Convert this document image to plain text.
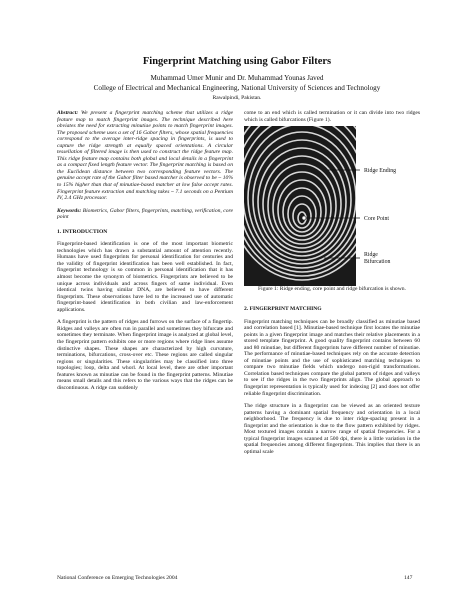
Fingerprint Matching using Gabor Filters
Muhammad Umer Munir and Dr. Muhammad Younas Javed
College of Electrical and Mechanical Engineering, National University of Sciences and Technology
Rawalpindi, Pakistan.

Abstract: We present a fingerprint matching scheme that utilizes a ridge feature map to match fingerprint images. The technique described here obviates the need for extracting minutiae points to match fingerprint images. The proposed scheme uses a set of 16 Gabor filters, whose spatial frequencies correspond to the average inter-ridge spacing in fingerprints, is used to capture the ridge strength at equally spaced orientations. A circular tessellation of filtered image is then used to construct the ridge feature map. This ridge feature map contains both global and local details in a fingerprint as a compact fixed length feature vector. The fingerprint matching is based on the Euclidean distance between two corresponding feature vectors. The genuine accept rate of the Gabor filter based matcher is observed to be ~ 10% to 15% higher than that of minutiae-based matcher at low false accept rates. Fingerprint feature extraction and matching takes ~ 7.1 seconds on a Pentium IV, 2.4 GHz processor.

Keywords: Biometrics, Gabor filters, fingerprints, matching, verification, core point

1. INTRODUCTION

Fingerprint-based identification is one of the most important biometric technologies which has drawn a substantial amount of attention recently. Humans have used fingerprints for personal identification for centuries and the validity of fingerprint identification has been well established. In fact, fingerprint technology is so common in personal identification that it has almost become the synonym of biometrics. Fingerprints are believed to be unique across individuals and across fingers of same individual. Even identical twins having similar DNA, are believed to have different fingerprints. These observations have led to the increased use of automatic fingerprint-based identification in both civilian and law-enforcement applications.

A fingerprint is the pattern of ridges and furrows on the surface of a fingertip. Ridges and valleys are often run in parallel and sometimes they bifurcate and sometimes they terminate. When fingerprint image is analyzed at global level, the fingerprint pattern exhibits one or more regions where ridge lines assume distinctive shapes. These shapes are characterized by high curvature, terminations, bifurcations, cross-over etc. These regions are called singular regions or singularities. These singularities may be classified into three topologies; loop, delta and whorl. At local level, there are other important features known as minutiae can be found in the fingerprint patterns. Minutiae means small details and this refers to the various ways that the ridges can be discontinuous. A ridge can suddenly

come to an end which is called termination or it can divide into two ridges which is called bifurcations (Figure 1).

Ridge Ending
Core Point
Ridge
Bifurcation
Figure 1: Ridge ending, core point and ridge bifurcation is shown.

2. FINGERPRINT MATCHING

Fingerprint matching techniques can be broadly classified as minutiae based and correlation based [1]. Minutiae-based technique first locates the minutiae points in a given fingerprint image and matches their relative placements in a stored template fingerprint. A good quality fingerprint contains between 60 and 80 minutiae, but different fingerprints have different number of minutiae. The performance of minutiae-based techniques rely on the accurate detection of minutiae points and the use of sophisticated matching techniques to compare two minutiae fields which undergo non-rigid transformations. Correlation based techniques compare the global pattern of ridges and valleys to see if the ridges in the two fingerprints align. The global approach to fingerprint representation is typically used for indexing [2] and does not offer reliable fingerprint discrimination.

The ridge structure in a fingerprint can be viewed as an oriented texture patterns having a dominant spatial frequency and orientation in a local neighborhood. The frequency is due to inter ridge-spacing present in a fingerprint and the orientation is due to the flow pattern exhibited by ridges. Most textured images contain a narrow range of spatial frequencies. For a typical fingerprint images scanned at 500 dpi, there is a little variation in the spatial frequencies among different fingerprints. This implies that there is an optimal scale

National Conference on Emerging Technologies 2004	147
